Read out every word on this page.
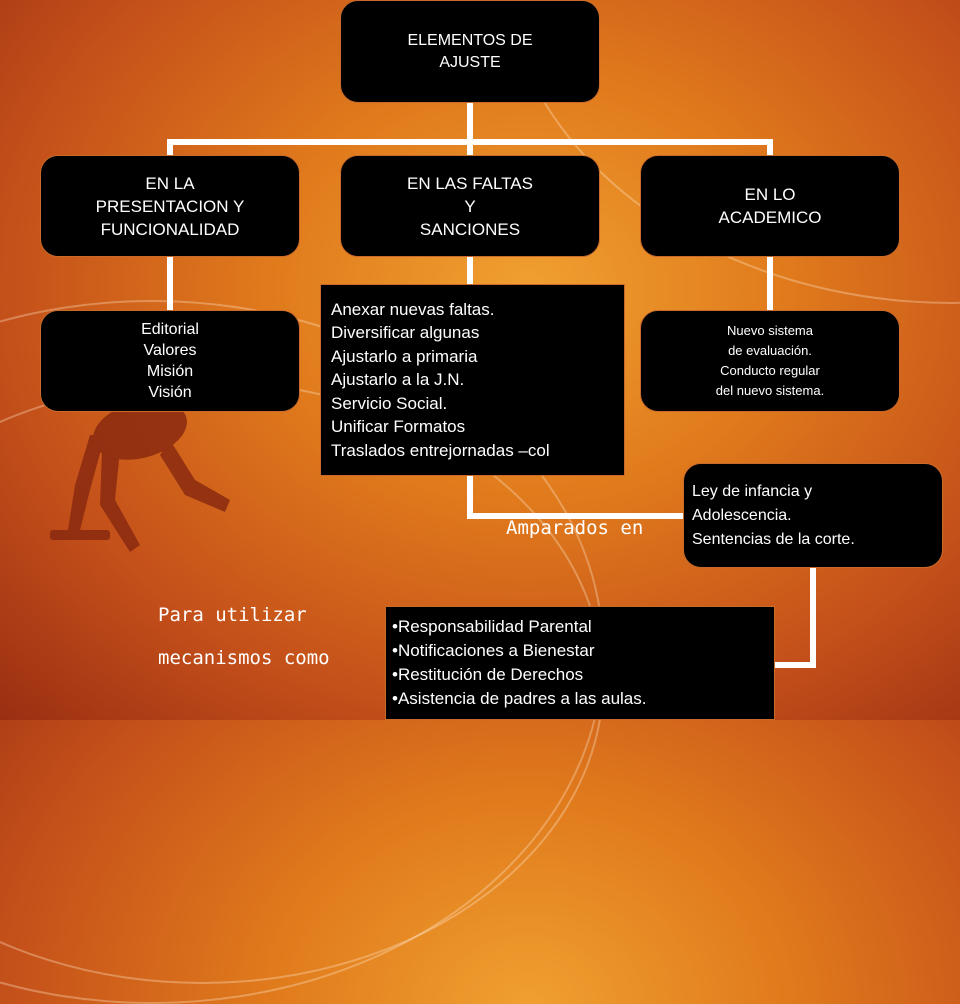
ELEMENTOS DE
AJUSTE
EN LA
PRESENTACION Y
FUNCIONALIDAD
EN LAS FALTAS
Y
SANCIONES
EN LO
ACADEMICO
Editorial
Valores
Misión
Visión
Anexar nuevas faltas.
Diversificar algunas
Ajustarlo a primaria
Ajustarlo a la J.N.
Servicio Social.
Unificar Formatos
Traslados entrejornadas –col
Nuevo sistema
de evaluación.
Conducto regular
del nuevo sistema.
Ley de infancia y
Adolescencia.
Sentencias de la corte.
• Responsabilidad Parental
• Notificaciones a Bienestar
• Restitución de Derechos
• Asistencia de padres a las aulas.
Amparados en
Para utilizar
mecanismos como
